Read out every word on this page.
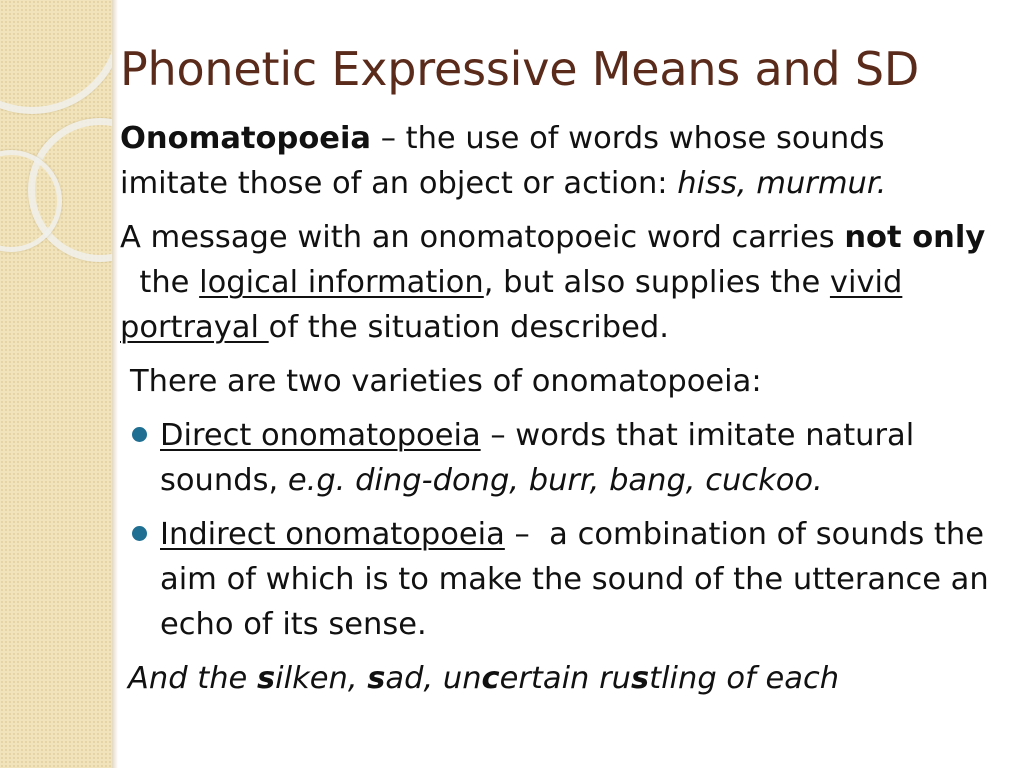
Phonetic Expressive Means and SD

Onomatopoeia – the use of words whose sounds imitate those of an object or action: hiss, murmur.

A message with an onomatopoeic word carries not only  the logical information, but also supplies the vivid portrayal of the situation described.

There are two varieties of onomatopoeia:

Direct onomatopoeia – words that imitate natural sounds, e.g. ding-dong, burr, bang, cuckoo.
Indirect onomatopoeia –  a combination of sounds the aim of which is to make the sound of the utterance an echo of its sense.

And the silken, sad, uncertain rustling of each
